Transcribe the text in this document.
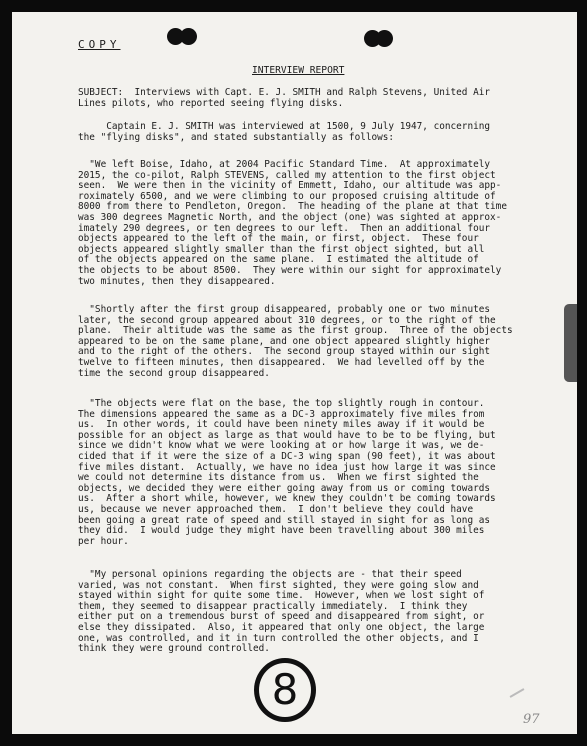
COPY
INTERVIEW REPORT
SUBJECT:  Interviews with Capt. E. J. SMITH and Ralph Stevens, United Air
Lines pilots, who reported seeing flying disks.
Captain E. J. SMITH was interviewed at 1500, 9 July 1947, concerning
the "flying disks", and stated substantially as follows:
"We left Boise, Idaho, at 2004 Pacific Standard Time.  At approximately
2015, the co-pilot, Ralph STEVENS, called my attention to the first object
seen.  We were then in the vicinity of Emmett, Idaho, our altitude was app-
roximately 6500, and we were climbing to our proposed cruising altitude of
8000 from there to Pendleton, Oregon.  The heading of the plane at that time
was 300 degrees Magnetic North, and the object (one) was sighted at approx-
imately 290 degrees, or ten degrees to our left.  Then an additional four
objects appeared to the left of the main, or first, object.  These four
objects appeared slightly smaller than the first object sighted, but all
of the objects appeared on the same plane.  I estimated the altitude of
the objects to be about 8500.  They were within our sight for approximately
two minutes, then they disappeared.
"Shortly after the first group disappeared, probably one or two minutes
later, the second group appeared about 310 degrees, or to the right of the
plane.  Their altitude was the same as the first group.  Three of the objects
appeared to be on the same plane, and one object appeared slightly higher
and to the right of the others.  The second group stayed within our sight
twelve to fifteen minutes, then disappeared.  We had levelled off by the
time the second group disappeared.
"The objects were flat on the base, the top slightly rough in contour.
The dimensions appeared the same as a DC-3 approximately five miles from
us.  In other words, it could have been ninety miles away if it would be
possible for an object as large as that would have to be to be flying, but
since we didn't know what we were looking at or how large it was, we de-
cided that if it were the size of a DC-3 wing span (90 feet), it was about
five miles distant.  Actually, we have no idea just how large it was since
we could not determine its distance from us.  When we first sighted the
objects, we decided they were either going away from us or coming towards
us.  After a short while, however, we knew they couldn't be coming towards
us, because we never approached them.  I don't believe they could have
been going a great rate of speed and still stayed in sight for as long as
they did.  I would judge they might have been travelling about 300 miles
per hour.
"My personal opinions regarding the objects are - that their speed
varied, was not constant.  When first sighted, they were going slow and
stayed within sight for quite some time.  However, when we lost sight of
them, they seemed to disappear practically immediately.  I think they
either put on a tremendous burst of speed and disappeared from sight, or
else they dissipated.  Also, it appeared that only one object, the large
one, was controlled, and it in turn controlled the other objects, and I
think they were ground controlled.
8
97
